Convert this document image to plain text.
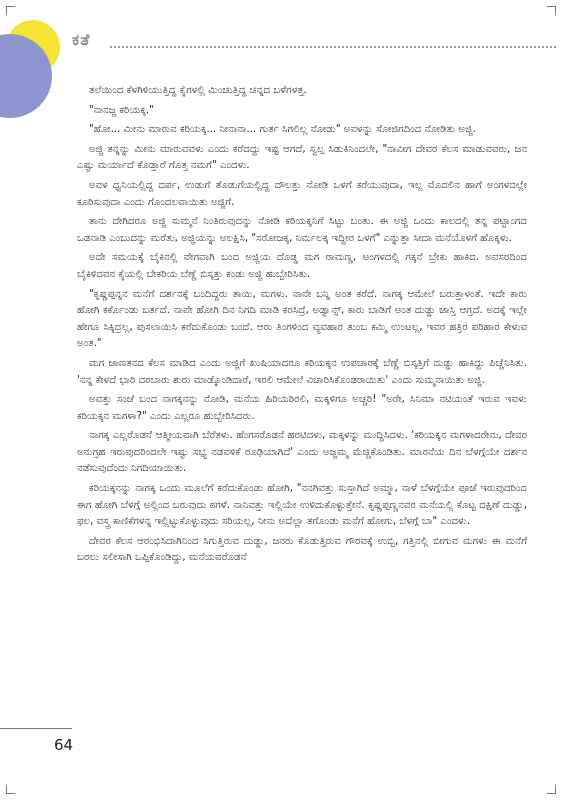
ಕತೆ

ತಲೆಯಿಂದ ಕೆಳಗಿಳಿಯುತ್ತಿದ್ದ ಕೈಗಳಲ್ಲಿ ಮಿಂಚುತ್ತಿದ್ದ ಚಿನ್ನದ ಬಳೆಗಳತ್ತ.

"ನಾನಜ್ಜ ಕರಿಯಕ್ಕ."

"ಹೋ... ಮೀನು ಮಾರುವ ಕರಿಯಕ್ಕ... ನೀನಾನಾ... ಗುರ್ತ ಸಿಗಲಿಲ್ಲ ನೋಡು" ಅವಳನ್ನು ಸೋಜಿಗದಿಂದ ನೋಡಿತು ಅಜ್ಜಿ.

ಅಜ್ಜಿ ತನ್ನನ್ನು ಮೀನು ಮಾರುವವಳು ಎಂದು ಕರೆದದ್ದು ಇಷ್ಟ ಆಗದೆ, ಸ್ವಲ್ಪ ಸಿಡುಕಿನಿಂದಲೇ, "ನಾವೀಗ ದೇವರ ಕೆಲಸ ಮಾಡುವವರು, ಜನ ಎಷ್ಟು ಮರ್ಯಾದೆ ಕೊಡ್ತಾರೆ ಗೊತ್ತ ನಮಗೆ" ಎಂದಳು.

ಅವಳ ಧ್ವನಿಯಲ್ಲಿದ್ದ ದರ್ಪ, ಉಡುಗೆ ತೊಡುಗೆಯಲ್ಲಿದ್ದ ದೌಲತ್ತು ನೋಡಿ ಒಳಗೆ ಕರೆಯುವುದಾ, ಇಲ್ಲ ಮೊದಲಿನ ಹಾಗೆ ಅಂಗಳದಲ್ಲೇ ಕೂರಿಸುವುದಾ ಎಂದು ಗೊಂದಲವಾಯಿತು ಅಜ್ಜಿಗೆ.

ತಾನು ದೇಗಿದರೂ ಅಜ್ಜಿ ಸುಮ್ಮನೆ ನಿಂತಿರುವುದನ್ನು ನೋಡಿ ಕರಿಯಕ್ಕನಿಗೆ ಸಿಟ್ಟು ಬಂತು. ಈ ಅಜ್ಜಿ ಒಂದು ಕಾಲದಲ್ಲಿ ತನ್ನ ಪಟ್ಟಾಂಗದ ಒಡನಾಡಿ ಎಂಬುದನ್ನು ಮರೆತು, ಅಜ್ಜಿಯನ್ನು ಅಲಕ್ಷಿಸಿ, "ಸರೋಜಕ್ಕ, ನಿರ್ಮಲಕ್ಕ ಇದ್ದೀರ ಒಳಗೆ" ಎನ್ನುತ್ತಾ ಸೀದಾ ಮನೆಯೊಳಗೆ ಹೊಕ್ಕಳು.

ಅದೇ ಸಮಯಕ್ಕೆ ಬೈಕಿನಲ್ಲಿ ವೇಗವಾಗಿ ಬಂದ ಅಜ್ಜಿಯ ದೊಡ್ಡ ಮಗ ರಾಮಣ್ಣ, ಅಂಗಳದಲ್ಲಿ ಗಕ್ಕನೆ ಬ್ರೇಕು ಹಾಕಿದ. ಅವಸರದಿಂದ ಬೈಕಿಳಿದವನ ಕೈಯಲ್ಲಿ ಬೇಕರಿಯ ಬೆಣ್ಣೆ ಬಿಸ್ಕತ್ತು ಕಂಡು ಅಜ್ಜಿ ಹುಬ್ಬೇರಿಸಿತು.

"ಕೃಷ್ಣಪ್ಪನ್ನನ ಮನೆಗೆ ದರ್ಶನಕ್ಕೆ ಬಂದಿದ್ದರು ತಾಯಿ, ಮಗಳು. ನಾನೇ ಬನ್ನಿ ಅಂತ ಕರೆದೆ. ನಾಗಕ್ಕ ಆಮೇಲೆ ಬರುತ್ತಾಳಂತೆ. ಇದೇ ಕಾರು ಹೋಗಿ ಕರ್ಕೊಂಡು ಬರ್ತದೆ. ನಾವೇ ಹೋಗಿ ದಿನ ನಿಗದಿ ಮಾಡಿ ಕರಸಿದ್ರೆ, ಅಡ್ವಾನ್ಸ್, ಕಾರು ಬಾಡಿಗೆ ಅಂತ ದುಡ್ಡು ಜಾಸ್ತಿ ಆಗ್ತದೆ. ಅದಕ್ಕೆ ಇಲ್ಲೇ ಹೇಗೂ ಸಿಕ್ಕಿದ್ರಲ್ಲ, ಪುಸಲಾಯಿಸಿ ಕರೆದುಕೊಂಡು ಬಂದೆ. ಆರು ತಿಂಗಳಿಂದ ವ್ಯವಹಾರ ತುಂಬ ಕಮ್ಮಿ ಉಂಟಲ್ಲ, ಇವರ ಹತ್ರಿರ ಪರಿಹಾರ ಕೇಳುವ ಅಂತ."

ಮಗ ಜಾಣತನದ ಕೆಲಸ ಮಾಡಿದ ಎಂದು ಅಜ್ಜಿಗೆ ಖುಷಿಯಾದರೂ ಕರಿಯಕ್ಕನ ಉಪಚಾರಕ್ಕೆ ಬೆಣ್ಣೆ ಬಿಸ್ಕತ್ತಿಗೆ ದುಡ್ಡು ಹಾಕಿದ್ದು ಪಿಚ್ಚೆನಿಸಿತು. 'ನನ್ನ ಕೇಳದೆ ಭಾರಿ ದರಬಾರು ಶುರು ಮಾಡ್ಕೊಂಡಿದಾರೆ, ಇರಲಿ ಆಮೇಲೆ ವಿಚಾರಿಸಿಕೊಂಡರಾಯಿತು' ಎಂದು ಸುಮ್ಮನಾಯಿತು ಅಜ್ಜಿ.

ಅವತ್ತು ಸಂಜೆ ಬಂದ ನಾಗಕ್ಕನನ್ನು ನೋಡಿ, ಮನೆಯ ಹಿರಿಯರಿರಲಿ, ಮಕ್ಕಳಿಗೂ ಅಚ್ಚರಿ! "ಅರೇ, ಸಿನಿಮಾ ನಟಿಯಂತೆ ಇರುವ ಇವಳು ಕರಿಯಕ್ಕನ ಮಗಳಾ?" ಎಂದು ಎಲ್ಲರೂ ಹುಬ್ಬೇರಿಸಿದರು.

ನಾಗಕ್ಕ ಎಲ್ಲರೊಡನೆ ಆತ್ಮೀಯವಾಗಿ ಬೆರೆತಳು. ಹೆಂಗಸರೊಡನೆ ಹರಟಿದಳು, ಮಕ್ಕಳನ್ನು ಮುದ್ದಿಸಿದಳು. 'ಕರಿಯಕ್ಕನ ಮಗಳಾದರೇನು, ದೇವರ ಅನುಗ್ರಹ ಇರುವುದರಿಂದಲೇ ಇಷ್ಟು ಸಭ್ಯ ನಡವಳಿಕೆ ರೂಢಿಯಾಗಿದೆ' ಎಂದು ಅಜ್ಜಮ್ಮ ಮೆಚ್ಚಿಕೊಂಡಿತು. ಮಾರನೆಯ ದಿನ ಬೆಳಗ್ಗೆಯೇ ದರ್ಶನ ನಡೆಸುವುದೆಂದು ನಿಗದಿಯಾಯಿತು.

ಕರಿಯಕ್ಕನನ್ನು ನಾಗಕ್ಕ ಒಂದು ಮೂಲೆಗೆ ಕರೆದುಕೊಂಡು ಹೋಗಿ, "ನನಗಿವತ್ತು ಸುಸ್ತಾಗಿದೆ ಅಮ್ಮಾ, ನಾಳೆ ಬೆಳಗ್ಗೆಯೇ ಪೂಜೆ ಇರುವುದರಿಂದ ಈಗ ಹೋಗಿ ಬೆಳಗ್ಗೆ ಅಲ್ಲಿಂದ ಬರುವುದು ಠಗಳೆ. ನಾನಿವತ್ತು ಇಲ್ಲಿಯೇ ಉಳಿದುಕೊಳ್ಳುತ್ತೇನೆ. ಕೃಷ್ಣಪ್ಪಣ್ಣನವರ ಮನೆಯಲ್ಲಿ ಕೊಟ್ಟ ದಕ್ಷಿಣೆ ದುಡ್ಡು, ಫಲ, ವಸ್ತ್ರ ಕಾಣಿಕೆಗಳನ್ನ ಇಲ್ಲಿಟ್ಟುಕೊಳ್ಳುವುದು ಸರಿಯಲ್ಲ, ನೀನು ಅದೆಲ್ಲಾ ತಗೊಂಡು ಮನೆಗೆ ಹೋಗು, ಬೆಳಗ್ಗೆ ಬಾ" ಎಂದಳು.

ದೇವರ ಕೆಲಸ ಆರಂಭಿಸಿದಾಗಿನಿಂದ ಸಿಗುತ್ತಿರುವ ದುಡ್ಡು, ಜನರು ಕೊಡುತ್ತಿರುವ ಗೌರವಕ್ಕೆ ಉಬ್ಬಿ, ಗತ್ತಿನಲ್ಲಿ ಬೀಗುವ ಮಗಳು ಈ ಮನೆಗೆ ಬರಲು ಸಲೀಸಾಗಿ ಒಪ್ಪಿಕೊಂಡಿದ್ದು, ಮನೆಯವರೊಡನೆ

64
